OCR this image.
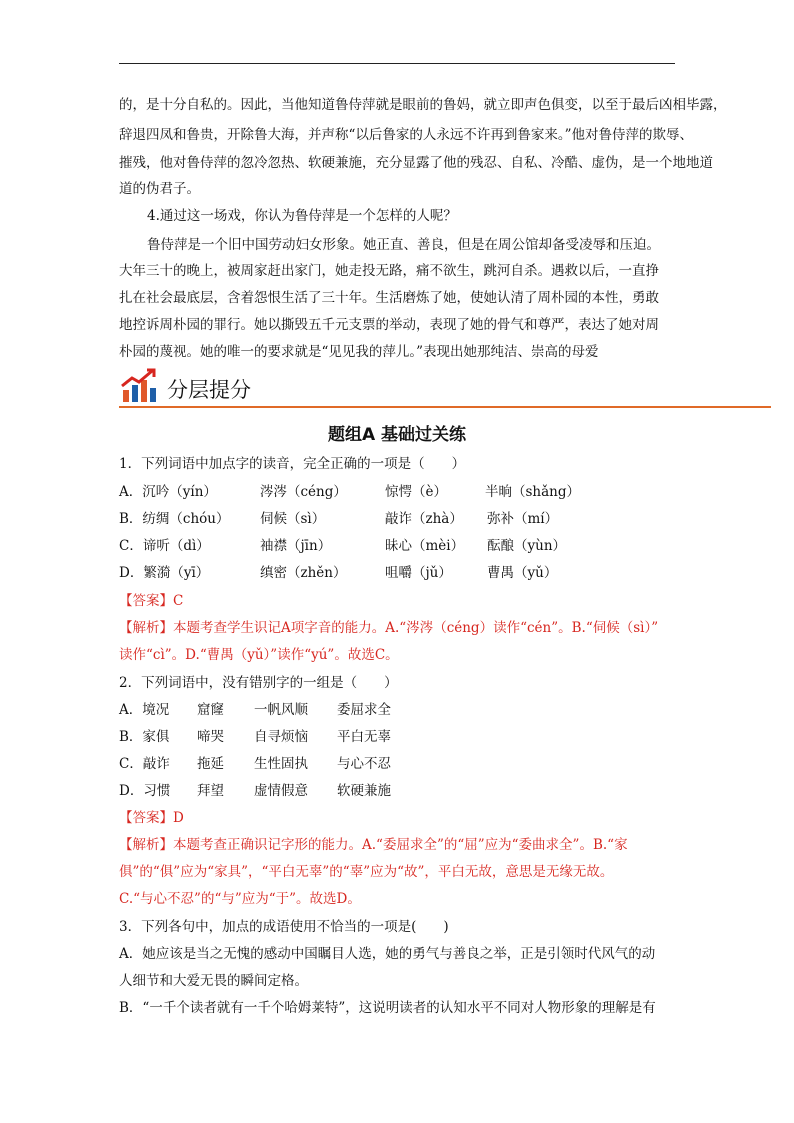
的，是十分自私的。因此，当他知道鲁侍萍就是眼前的鲁妈，就立即声色俱变，以至于最后凶相毕露，
辞退四凤和鲁贵，开除鲁大海，并声称“以后鲁家的人永远不许再到鲁家来。”他对鲁侍萍的欺辱、
摧残，他对鲁侍萍的忽冷忽热、软硬兼施，充分显露了他的残忍、自私、冷酷、虚伪，是一个地地道
道的伪君子。
4.通过这一场戏，你认为鲁侍萍是一个怎样的人呢？
鲁侍萍是一个旧中国劳动妇女形象。她正直、善良，但是在周公馆却备受凌辱和压迫。
大年三十的晚上，被周家赶出家门，她走投无路，痛不欲生，跳河自杀。遇救以后，一直挣
扎在社会最底层，含着怨恨生活了三十年。生活磨炼了她，使她认清了周朴园的本性，勇敢
地控诉周朴园的罪行。她以撕毁五千元支票的举动，表现了她的骨气和尊严，表达了她对周
朴园的蔑视。她的唯一的要求就是“见见我的萍儿。”表现出她那纯洁、崇高的母爱
分层提分
题组A 基础过关练
1．下列词语中加点字的读音，完全正确的一项是（　　）
A．沉吟（yín）	涔涔（céng）	惊愕（è）	半晌（shǎng）
B．纺绸（chóu） 伺候（sì）	敲诈（zhà） 弥补（mí）
C．谛听（dì）	袖襟（jīn）	昧心（mèi） 酝酿（yùn）
D．繁漪（yī）	缜密（zhěn）	咀嚼（jǔ）	曹禺（yǔ）
【答案】C
【解析】本题考查学生识记A项字音的能力。A.“涔涔（céng）读作“cén”。B.“伺候（sì）”
读作“cì”。D.“曹禺（yǔ）”读作“yú”。故选C。
2．下列词语中，没有错别字的一组是（　　）
A．境况 窟窿 一帆风顺 委屈求全
B．家俱 啼哭 自寻烦恼 平白无辜
C．敲诈 拖延 生性固执 与心不忍
D．习惯 拜望 虚情假意 软硬兼施
【答案】D
【解析】本题考查正确识记字形的能力。A.“委屈求全”的“屈”应为“委曲求全”。B.“家
俱”的“俱”应为“家具”，“平白无辜”的“辜”应为“故”，平白无故，意思是无缘无故。
C.“与心不忍”的“与”应为“于”。故选D。
3．下列各句中，加点的成语使用不恰当的一项是(　　)
A．她应该是当之无愧的感动中国瞩目人选，她的勇气与善良之举，正是引领时代风气的动
人细节和大爱无畏的瞬间定格。
B．“一千个读者就有一千个哈姆莱特”，这说明读者的认知水平不同对人物形象的理解是有
